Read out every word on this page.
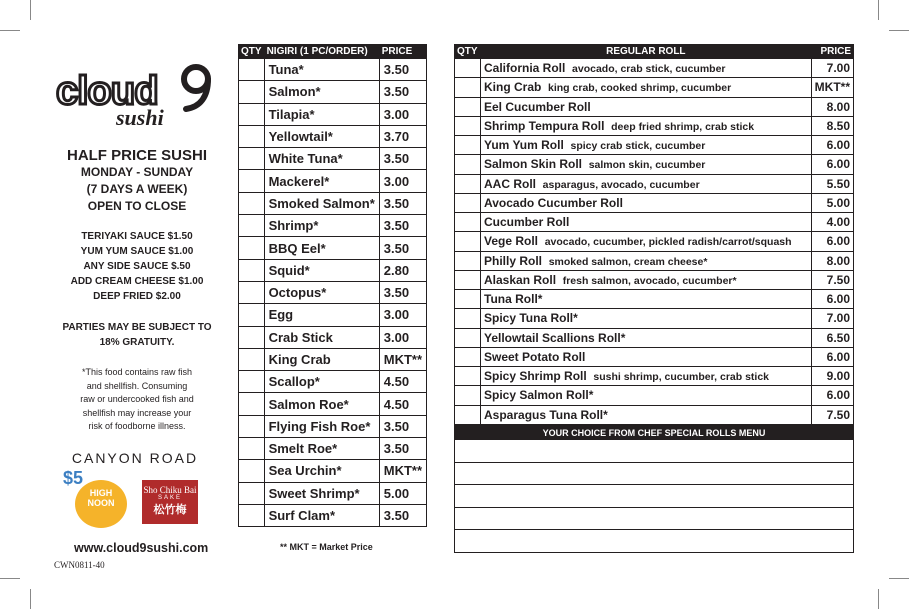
cloud
sushi
HALF PRICE SUSHI
MONDAY - SUNDAY
(7 DAYS A WEEK)
OPEN TO CLOSE
TERIYAKI SAUCE $1.50
YUM YUM SAUCE $1.00
ANY SIDE SAUCE $.50
ADD CREAM CHEESE $1.00
DEEP FRIED $2.00
PARTIES MAY BE SUBJECT TO
18% GRATUITY.
*This food contains raw fish
and shellfish. Consuming
raw or undercooked fish and
shellfish may increase your
risk of foodborne illness.
CANYON ROAD
$5
HIGH
NOON
Sho Chiku Bai
SAKE
松竹梅
www.cloud9sushi.com
CWN0811-40
QTY	NIGIRI (1 PC/ORDER)	PRICE
	Tuna*	3.50
	Salmon*	3.50
	Tilapia*	3.00
	Yellowtail*	3.70
	White Tuna*	3.50
	Mackerel*	3.00
	Smoked Salmon*	3.50
	Shrimp*	3.50
	BBQ Eel*	3.50
	Squid*	2.80
	Octopus*	3.50
	Egg	3.00
	Crab Stick	3.00
	King Crab	MKT**
	Scallop*	4.50
	Salmon Roe*	4.50
	Flying Fish Roe*	3.50
	Smelt Roe*	3.50
	Sea Urchin*	MKT**
	Sweet Shrimp*	5.00
	Surf Clam*	3.50
** MKT = Market Price
QTY	REGULAR ROLL	PRICE
	California Roll avocado, crab stick, cucumber	7.00
	King Crab king crab, cooked shrimp, cucumber	MKT**
	Eel Cucumber Roll	8.00
	Shrimp Tempura Roll deep fried shrimp, crab stick	8.50
	Yum Yum Roll spicy crab stick, cucumber	6.00
	Salmon Skin Roll salmon skin, cucumber	6.00
	AAC Roll asparagus, avocado, cucumber	5.50
	Avocado Cucumber Roll	5.00
	Cucumber Roll	4.00
	Vege Roll avocado, cucumber, pickled radish/carrot/squash	6.00
	Philly Roll smoked salmon, cream cheese*	8.00
	Alaskan Roll fresh salmon, avocado, cucumber*	7.50
	Tuna Roll*	6.00
	Spicy Tuna Roll*	7.00
	Yellowtail Scallions Roll*	6.50
	Sweet Potato Roll	6.00
	Spicy Shrimp Roll sushi shrimp, cucumber, crab stick	9.00
	Spicy Salmon Roll*	6.00
	Asparagus Tuna Roll*	7.50
YOUR CHOICE FROM CHEF SPECIAL ROLLS MENU
